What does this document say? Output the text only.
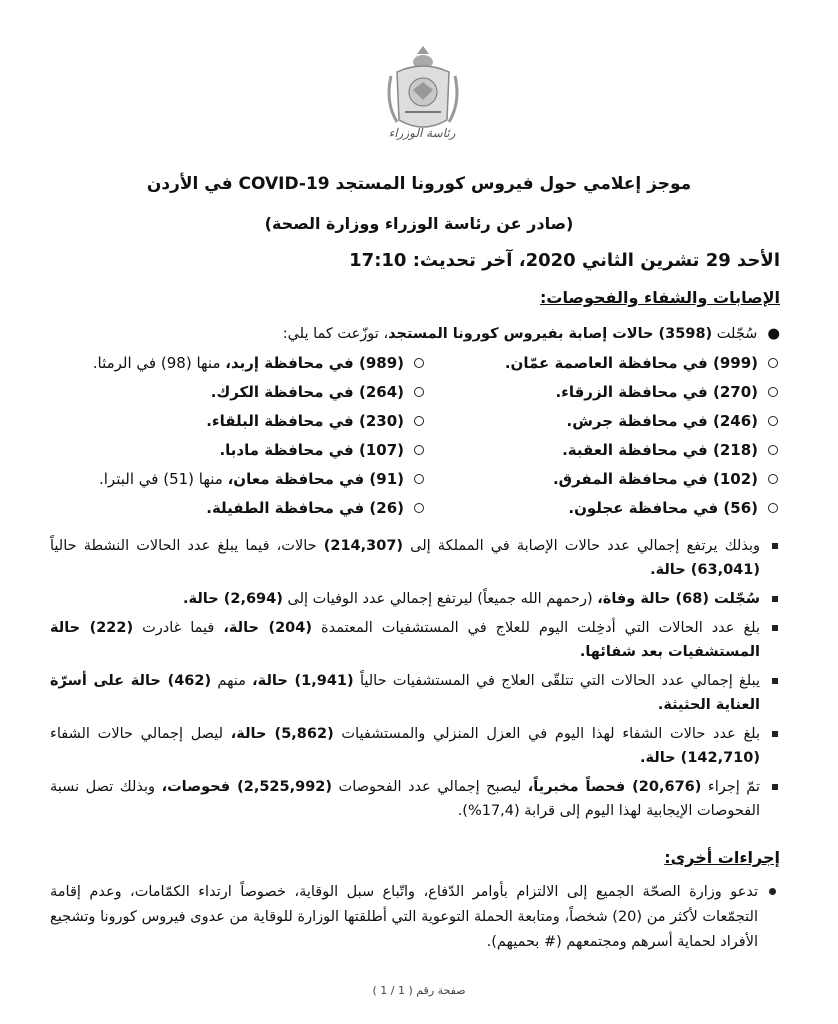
رئاسة الوزراء
موجز إعلامي حول فيروس كورونا المستجد COVID-19 في الأردن
(صادر عن رئاسة الوزراء ووزارة الصحة)
الأحد 29 تشرين الثاني 2020، آخر تحديث: 17:10
الإصابات والشفاء والفحوصات:
●سُجّلت (3598) حالات إصابة بفيروس كورونا المستجد، توزّعت كما يلي:
(999) في محافظة العاصمة عمّان.
(989) في محافظة إربد، منها (98) في الرمثا.
(270) في محافظة الزرقاء.
(264) في محافظة الكرك.
(246) في محافظة جرش.
(230) في محافظة البلقاء.
(218) في محافظة العقبة.
(107) في محافظة مادبا.
(102) في محافظة المفرق.
(91) في محافظة معان، منها (51) في البترا.
(56) في محافظة عجلون.
(26) في محافظة الطفيلة.
وبذلك يرتفع إجمالي عدد حالات الإصابة في المملكة إلى (214,307) حالات، فيما يبلغ عدد الحالات النشطة حالياً (63,041) حالة.
سُجّلت (68) حالة وفاة، (رحمهم الله جميعاً) ليرتفع إجمالي عدد الوفيات إلى (2,694) حالة.
بلغ عدد الحالات التي أدخِلت اليوم للعلاج في المستشفيات المعتمدة (204) حالة، فيما غادرت (222) حالة المستشفيات بعد شفائها.
يبلغ إجمالي عدد الحالات التي تتلقّى العلاج في المستشفيات حالياً (1,941) حالة، منهم (462) حالة على أسرّة العناية الحثيثة.
بلغ عدد حالات الشفاء لهذا اليوم في العزل المنزلي والمستشفيات (5,862) حالة، ليصل إجمالي حالات الشفاء (142,710) حالة.
تمّ إجراء (20,676) فحصاً مخبرياً، ليصبح إجمالي عدد الفحوصات (2,525,992) فحوصات، وبذلك تصل نسبة الفحوصات الإيجابية لهذا اليوم إلى قرابة (17,4%).
إجراءات أخرى:
تدعو وزارة الصحّة الجميع إلى الالتزام بأوامر الدّفاع، واتّباع سبل الوقاية، خصوصاً ارتداء الكمّامات، وعدم إقامة التجمّعات لأكثر من (20) شخصاً، ومتابعة الحملة التوعوية التي أطلقتها الوزارة للوقاية من عدوى فيروس كورونا وتشجيع الأفراد لحماية أسرهم ومجتمعهم (# بحميهم).
صفحة رقم ( 1 / 1 )
